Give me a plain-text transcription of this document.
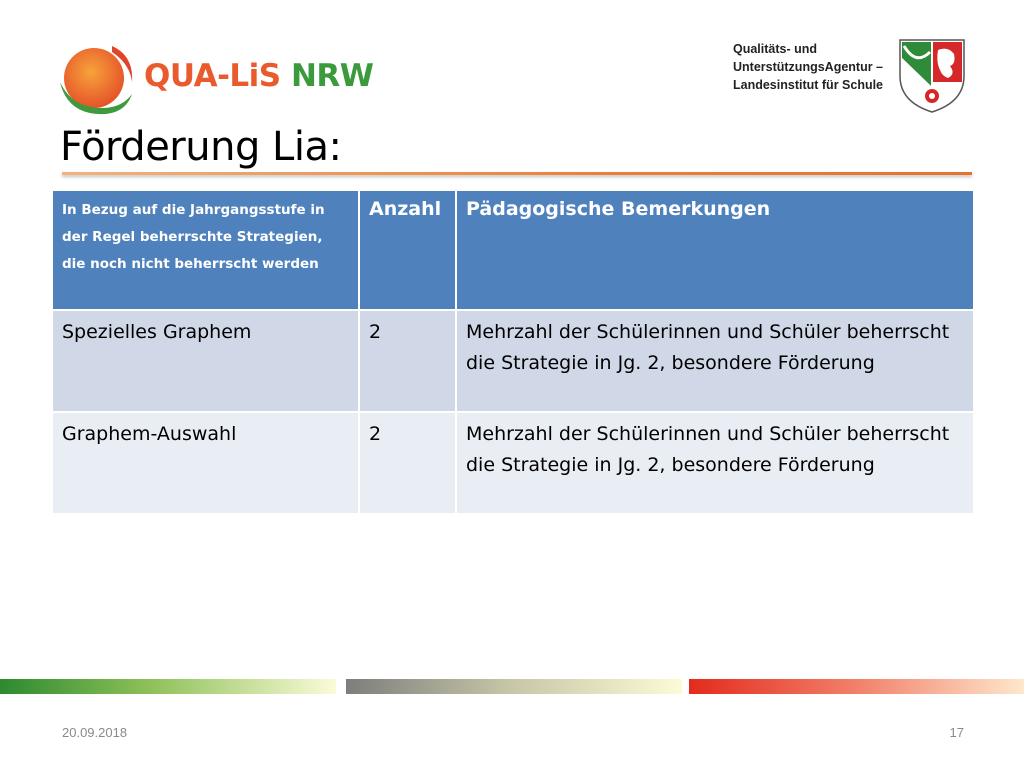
QUA-LiS NRW
Qualitäts- und
UnterstützungsAgentur –
Landesinstitut für Schule
Förderung Lia:
In Bezug auf die Jahrgangsstufe in der Regel beherrschte Strategien, die noch nicht beherrscht werden	Anzahl	Pädagogische Bemerkungen
Spezielles Graphem	2	Mehrzahl der Schülerinnen und Schüler beherrscht die Strategie in Jg. 2, besondere Förderung
Graphem-Auswahl	2	Mehrzahl der Schülerinnen und Schüler beherrscht die Strategie in Jg. 2, besondere Förderung
20.09.2018	17
